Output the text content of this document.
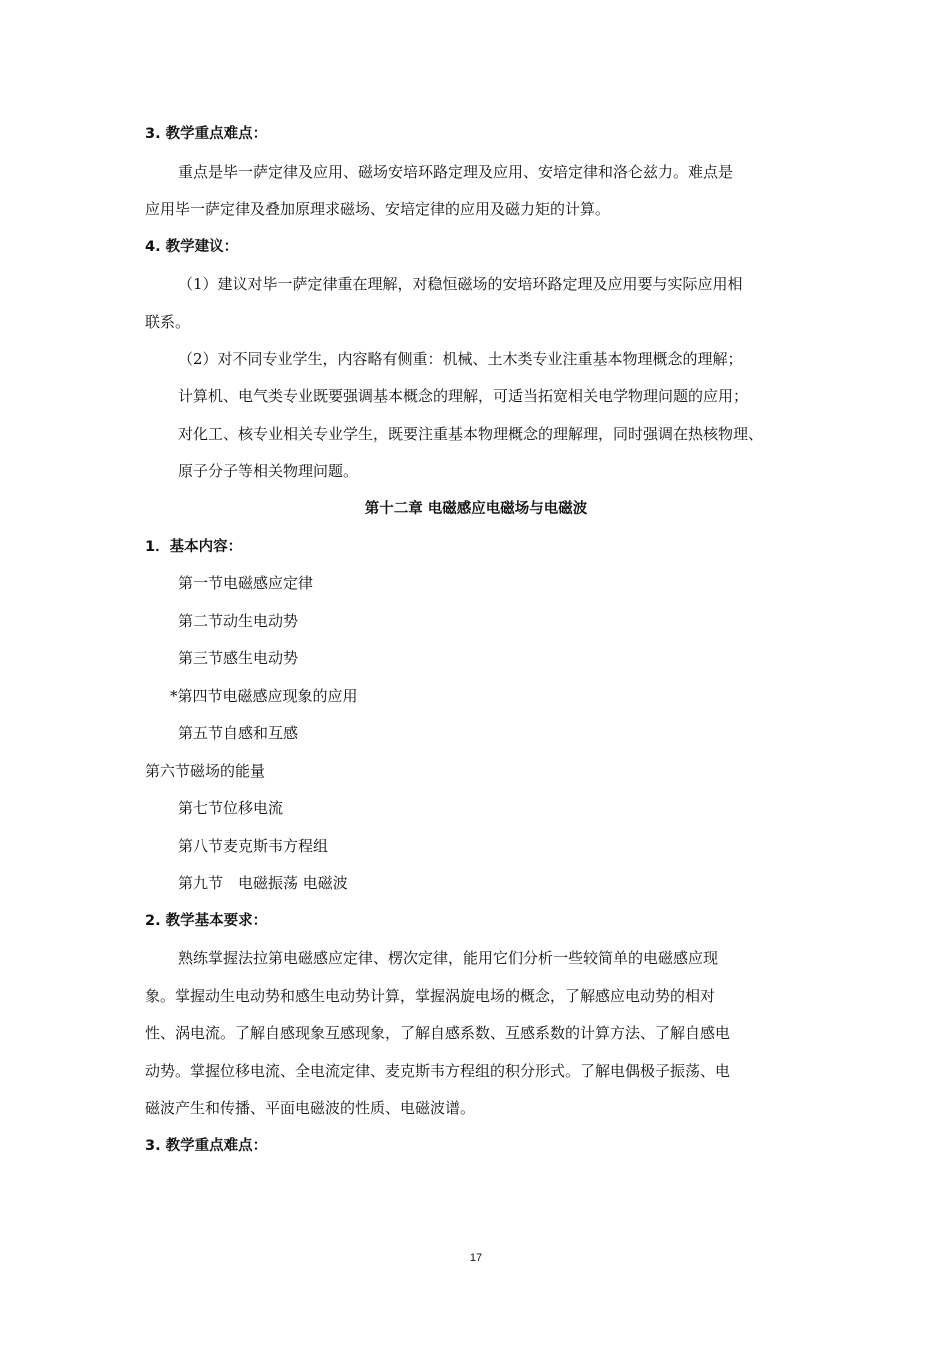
3. 教学重点难点：
重点是毕一萨定律及应用、磁场安培环路定理及应用、安培定律和洛仑兹力。难点是
应用毕一萨定律及叠加原理求磁场、安培定律的应用及磁力矩的计算。
4. 教学建议：
（1）建议对毕一萨定律重在理解，对稳恒磁场的安培环路定理及应用要与实际应用相
联系。
（2）对不同专业学生，内容略有侧重：机械、土木类专业注重基本物理概念的理解；
计算机、电气类专业既要强调基本概念的理解，可适当拓宽相关电学物理问题的应用；
对化工、核专业相关专业学生，既要注重基本物理概念的理解理，同时强调在热核物理、
原子分子等相关物理问题。
第十二章 电磁感应电磁场与电磁波
1．基本内容：
第一节电磁感应定律
第二节动生电动势
第三节感生电动势
*第四节电磁感应现象的应用
第五节自感和互感
第六节磁场的能量
第七节位移电流
第八节麦克斯韦方程组
第九节　电磁振荡 电磁波
2. 教学基本要求：
熟练掌握法拉第电磁感应定律、楞次定律，能用它们分析一些较简单的电磁感应现
象。掌握动生电动势和感生电动势计算，掌握涡旋电场的概念，了解感应电动势的相对
性、涡电流。了解自感现象互感现象，了解自感系数、互感系数的计算方法、了解自感电
动势。掌握位移电流、全电流定律、麦克斯韦方程组的积分形式。了解电偶极子振荡、电
磁波产生和传播、平面电磁波的性质、电磁波谱。
3. 教学重点难点：
17
